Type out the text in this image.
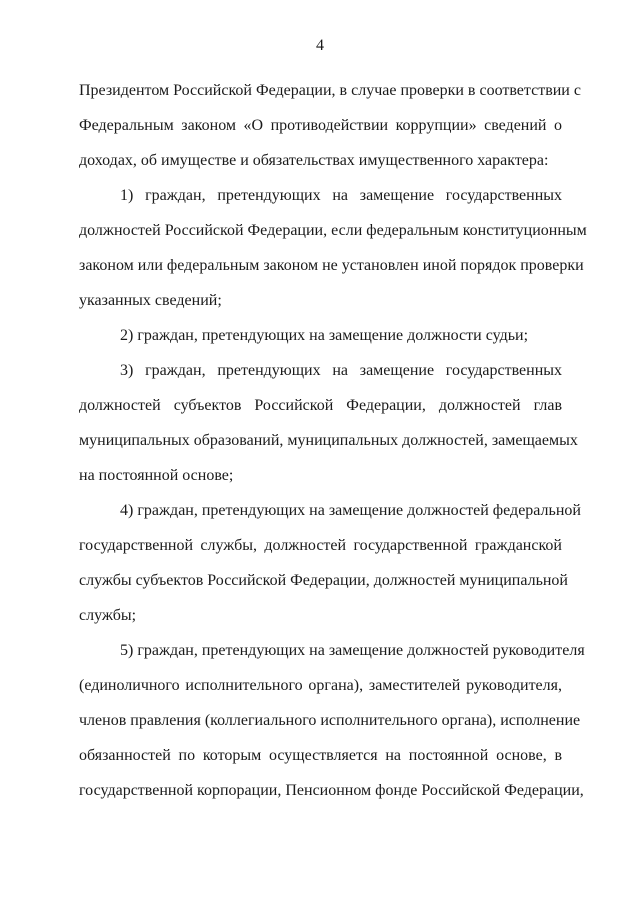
4
Президентом Российской Федерации, в случае проверки в соответствии с
Федеральным законом «О противодействии коррупции» сведений о
доходах, об имуществе и обязательствах имущественного характера:
1) граждан, претендующих на замещение государственных
должностей Российской Федерации, если федеральным конституционным
законом или федеральным законом не установлен иной порядок проверки
указанных сведений;
2) граждан, претендующих на замещение должности судьи;
3) граждан, претендующих на замещение государственных
должностей субъектов Российской Федерации, должностей глав
муниципальных образований, муниципальных должностей, замещаемых
на постоянной основе;
4) граждан, претендующих на замещение должностей федеральной
государственной службы, должностей государственной гражданской
службы субъектов Российской Федерации, должностей муниципальной
службы;
5) граждан, претендующих на замещение должностей руководителя
(единоличного исполнительного органа), заместителей руководителя,
членов правления (коллегиального исполнительного органа), исполнение
обязанностей по которым осуществляется на постоянной основе, в
государственной корпорации, Пенсионном фонде Российской Федерации,
